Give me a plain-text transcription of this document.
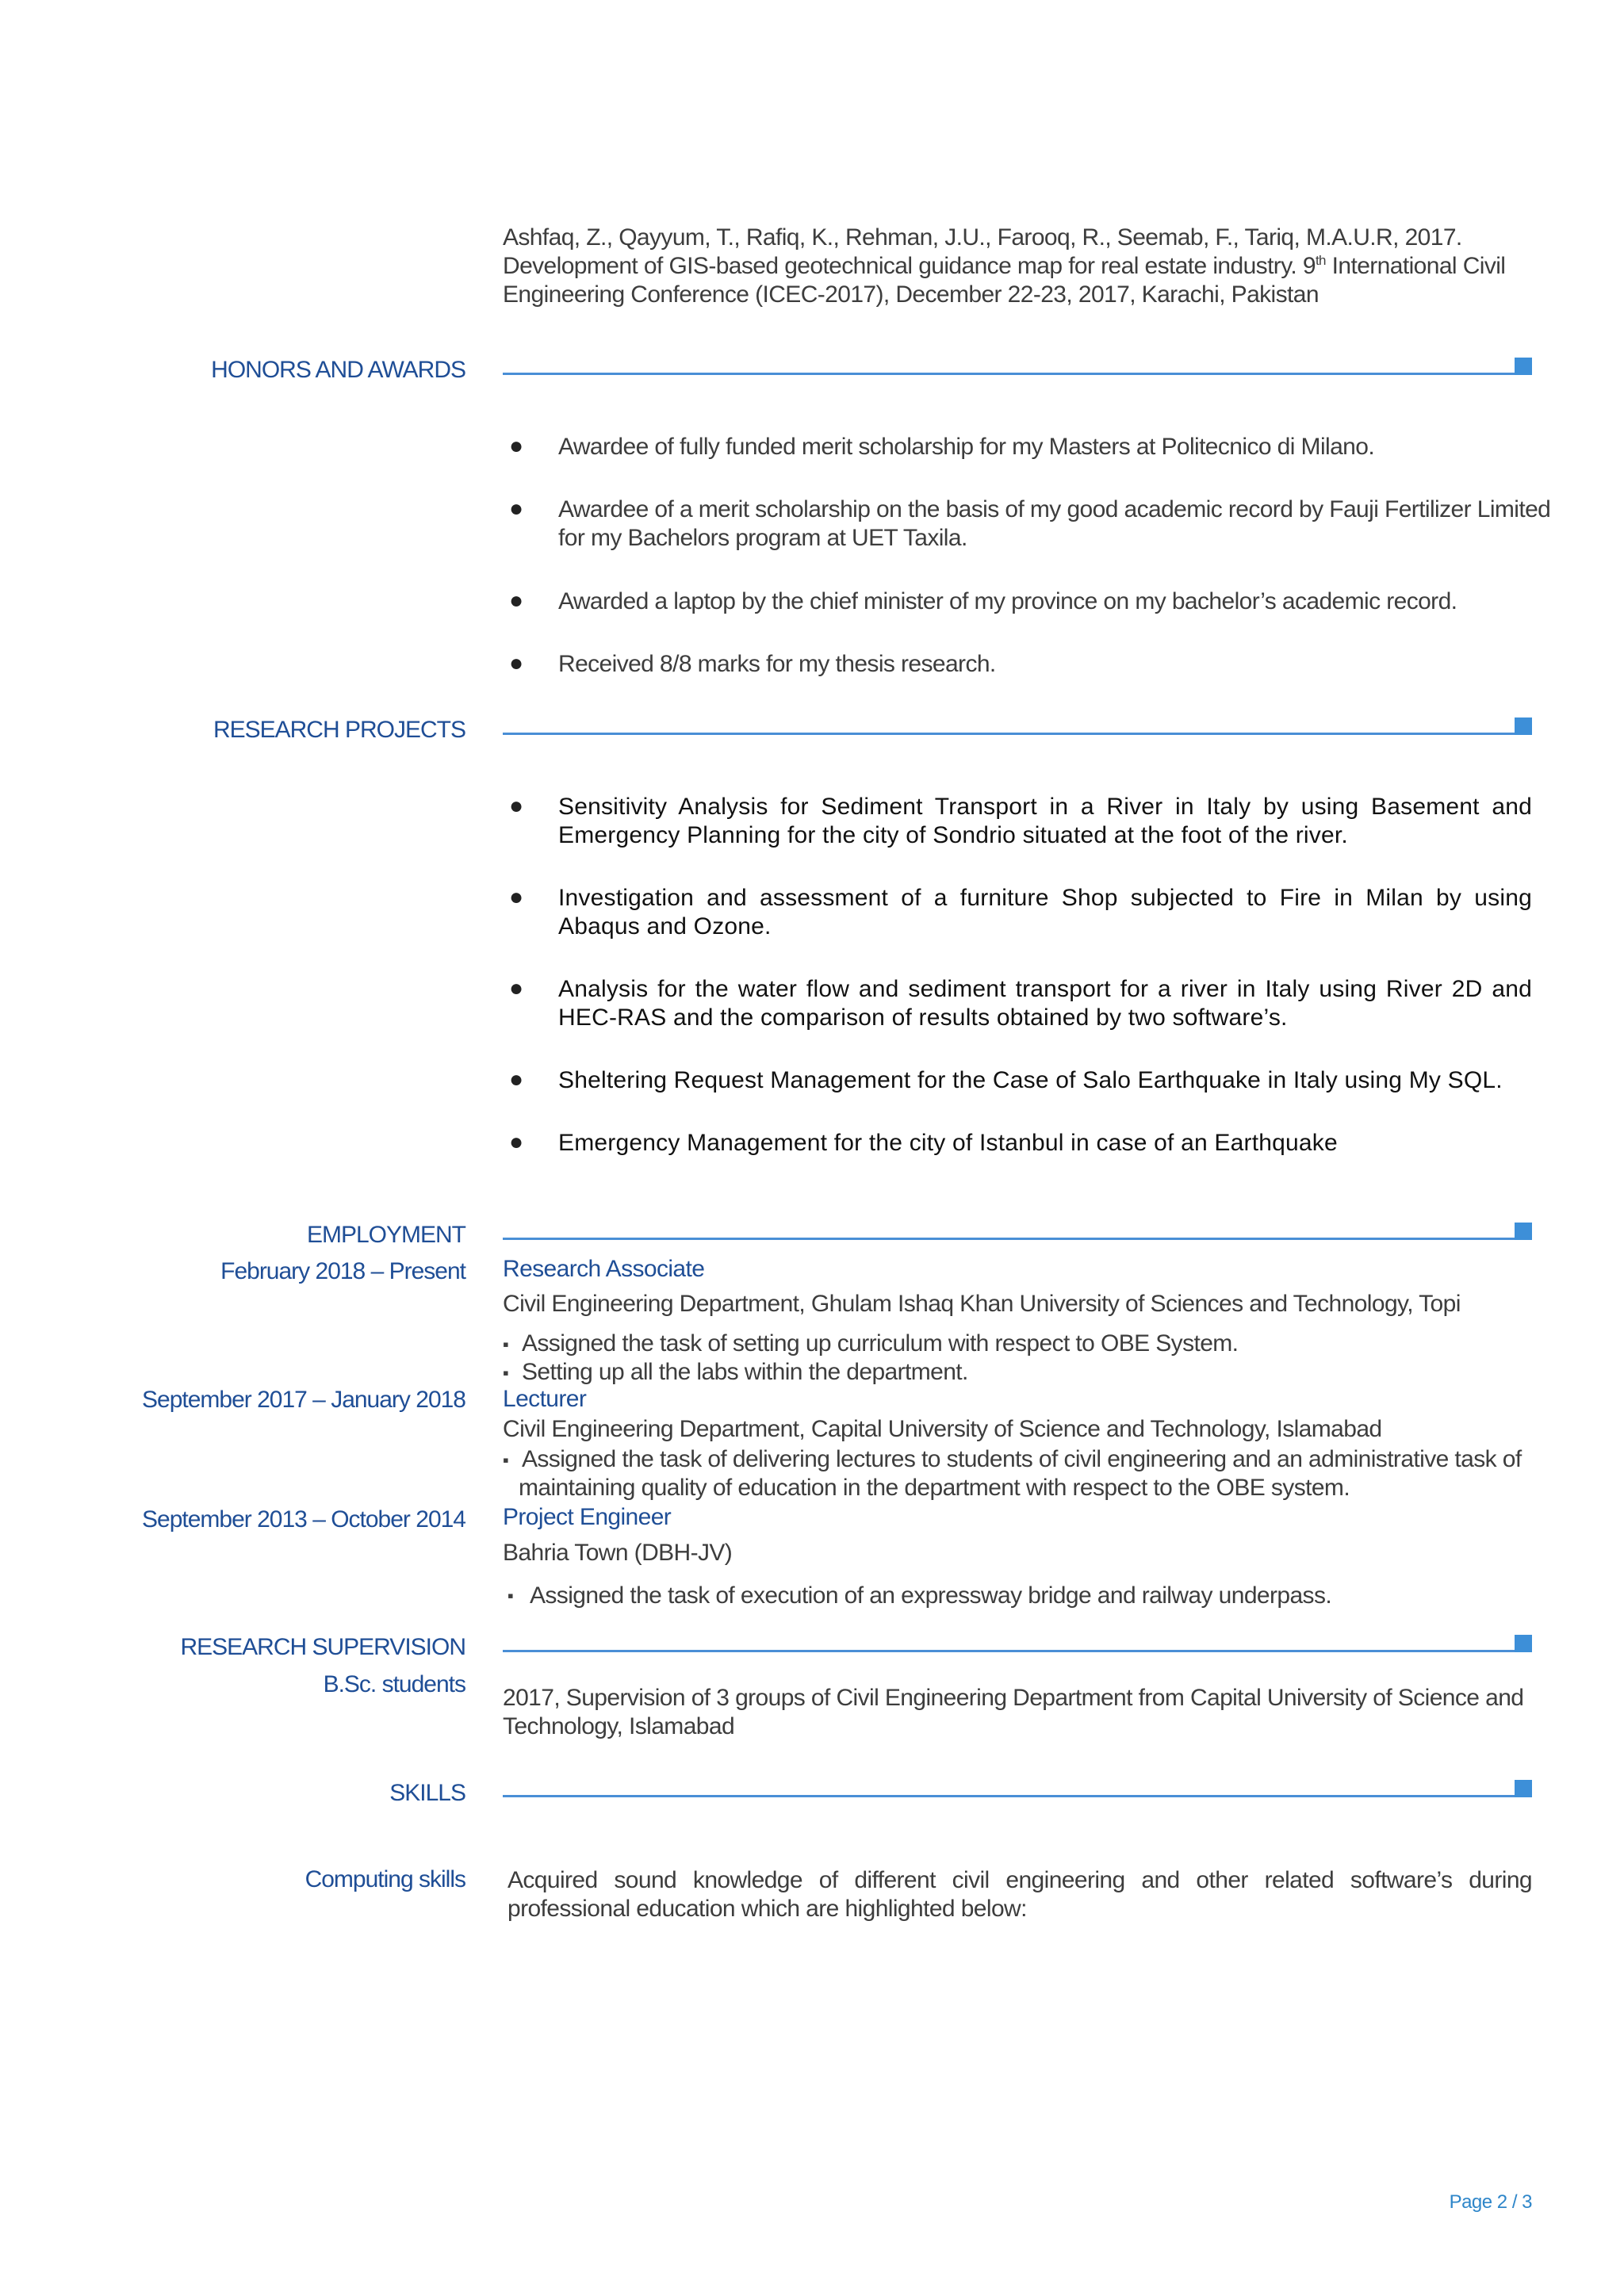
Ashfaq, Z., Qayyum, T., Rafiq, K., Rehman, J.U., Farooq, R., Seemab, F., Tariq, M.A.U.R, 2017.
Development of GIS-based geotechnical guidance map for real estate industry. 9th International Civil
Engineering Conference (ICEC-2017), December 22-23, 2017, Karachi, Pakistan
HONORS AND AWARDS
● Awardee of fully funded merit scholarship for my Masters at Politecnico di Milano.
● Awardee of a merit scholarship on the basis of my good academic record by Fauji Fertilizer Limited for my Bachelors program at UET Taxila.
● Awarded a laptop by the chief minister of my province on my bachelor’s academic record.
● Received 8/8 marks for my thesis research.
RESEARCH PROJECTS
● Sensitivity Analysis for Sediment Transport in a River in Italy by using Basement and Emergency Planning for the city of Sondrio situated at the foot of the river.
● Investigation and assessment of a furniture Shop subjected to Fire in Milan by using Abaqus and Ozone.
● Analysis for the water flow and sediment transport for a river in Italy using River 2D and HEC-RAS and the comparison of results obtained by two software’s.
● Sheltering Request Management for the Case of Salo Earthquake in Italy using My SQL.
● Emergency Management for the city of Istanbul in case of an Earthquake
EMPLOYMENT
February 2018 – Present Research Associate
Civil Engineering Department, Ghulam Ishaq Khan University of Sciences and Technology, Topi
▪ Assigned the task of setting up curriculum with respect to OBE System.
▪ Setting up all the labs within the department.
September 2017 – January 2018 Lecturer
Civil Engineering Department, Capital University of Science and Technology, Islamabad
▪ Assigned the task of delivering lectures to students of civil engineering and an administrative task of
maintaining quality of education in the department with respect to the OBE system.
September 2013 – October 2014 Project Engineer
Bahria Town (DBH-JV)
▪ Assigned the task of execution of an expressway bridge and railway underpass.
RESEARCH SUPERVISION
B.Sc. students
2017, Supervision of 3 groups of Civil Engineering Department from Capital University of Science and
Technology, Islamabad
SKILLS
Computing skills Acquired sound knowledge of different civil engineering and other related software’s during
professional education which are highlighted below:
Page 2 / 3
